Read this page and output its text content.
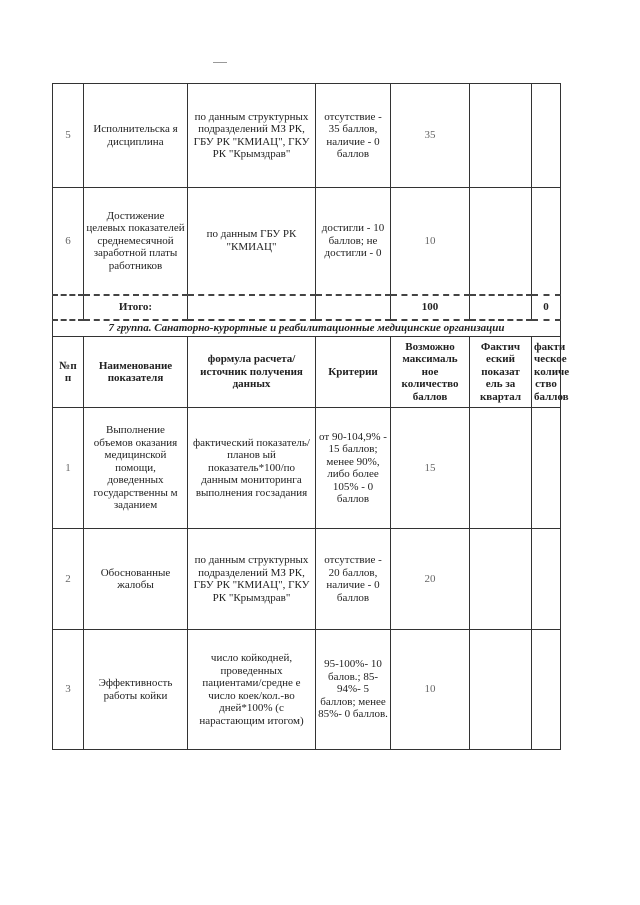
5	Исполнительска я дисциплина	по данным структурных подразделений МЗ РК, ГБУ РК "КМИАЦ", ГКУ РК "Крымздрав"	отсутствие - 35 баллов, наличие - 0 баллов	35		
6	Достижение целевых показателей среднемесячной заработной платы работников	по данным ГБУ РК "КМИАЦ"	достигли - 10 баллов; не достигли - 0	10		
	Итого:			100		0
7 группа. Санаторно-курортные и реабилитационные медицинские организации						
№п п	Наименование показателя	формула расчета/источник получения данных	Критерии	Возможно максималь ное количество баллов	Фактич еский показат ель за квартал	факти ческое количе ство баллов
1	Выполнение объемов оказания медицинской помощи, доведенных государственны м заданием	фактический показатель/планов ый показатель*100/по данным мониторинга выполнения госзадания	от 90-104,9% - 15 баллов; менее 90%, либо более 105% - 0 баллов	15		
2	Обоснованные жалобы	по данным структурных подразделений МЗ РК, ГБУ РК "КМИАЦ", ГКУ РК "Крымздрав"	отсутствие - 20 баллов, наличие - 0 баллов	20		
3	Эффективность работы койки	число койкодней, проведенных пациентами/средне е число коек/кол.-во дней*100% (с нарастающим итогом)	95-100%- 10 балов.; 85-94%- 5 баллов; менее 85%- 0 баллов.	10		
